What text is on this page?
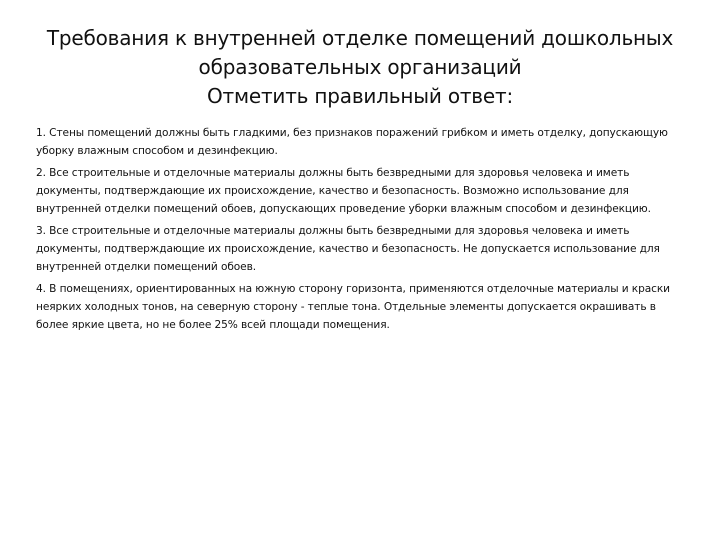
Требования к внутренней отделке помещений дошкольных
образовательных организаций
Отметить правильный ответ:

1. Стены помещений должны быть гладкими, без признаков поражений грибком и иметь отделку, допускающую уборку влажным способом и дезинфекцию.

2. Все строительные и отделочные материалы должны быть безвредными для здоровья человека и иметь документы, подтверждающие их происхождение, качество и безопасность. Возможно использование для внутренней отделки помещений обоев, допускающих проведение уборки влажным способом и дезинфекцию.

3. Все строительные и отделочные материалы должны быть безвредными для здоровья человека и иметь документы, подтверждающие их происхождение, качество и безопасность. Не допускается использование для внутренней отделки помещений обоев.

4. В помещениях, ориентированных на южную сторону горизонта, применяются отделочные материалы и краски неярких холодных тонов, на северную сторону - теплые тона. Отдельные элементы допускается окрашивать в более яркие цвета, но не более 25% всей площади помещения.
